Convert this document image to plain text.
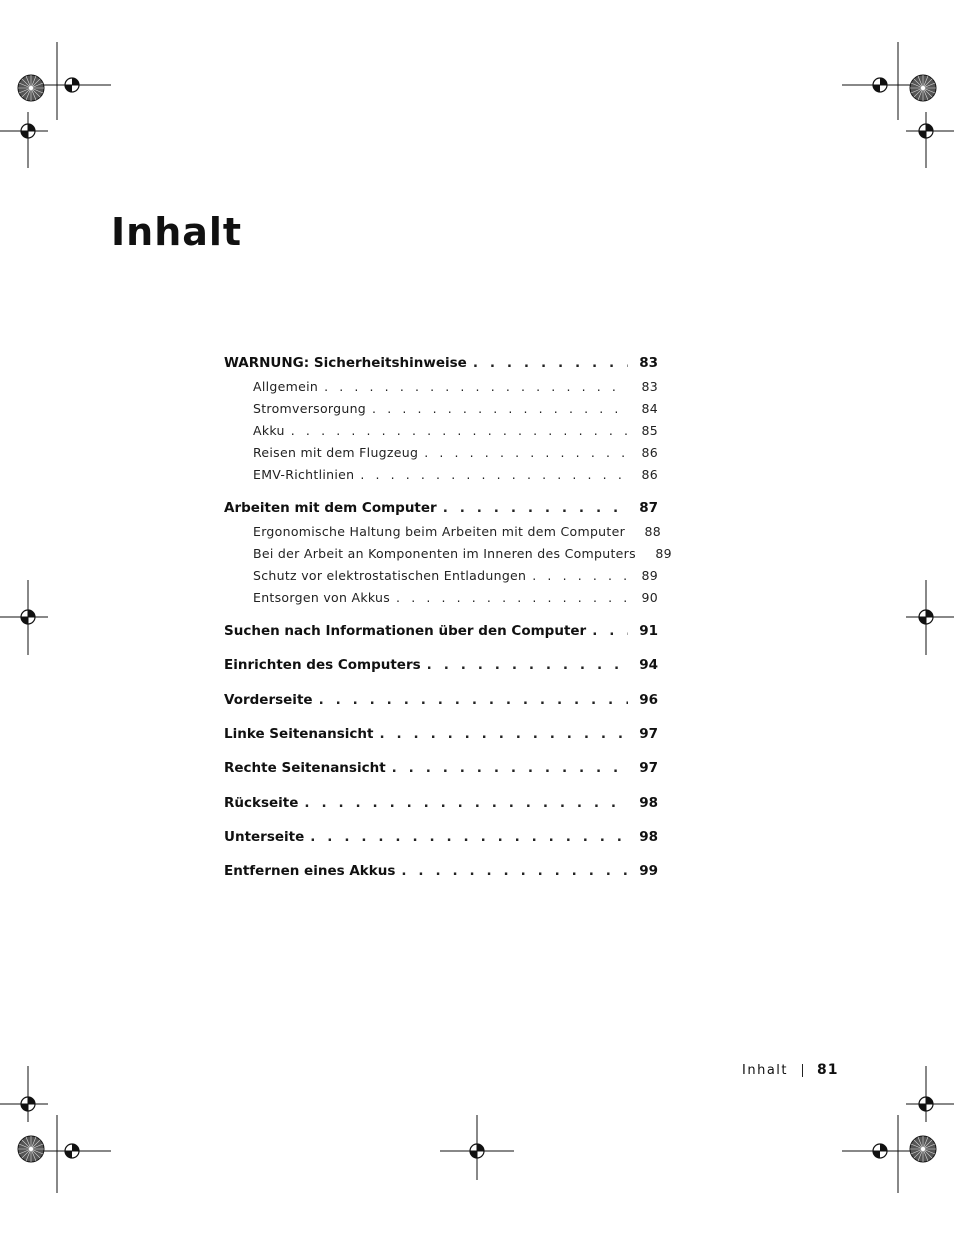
Inhalt
WARNUNG: Sicherheitshinweise . . .	83
Allgemein . . .	83
Stromversorgung . . .	84
Akku . . .	85
Reisen mit dem Flugzeug . . .	86
EMV-Richtlinien . . .	86
Arbeiten mit dem Computer . . .	87
Ergonomische Haltung beim Arbeiten mit dem Computer	88
Bei der Arbeit an Komponenten im Inneren des Computers	89
Schutz vor elektrostatischen Entladungen . . .	89
Entsorgen von Akkus . . .	90
Suchen nach Informationen über den Computer . . .	91
Einrichten des Computers . . .	94
Vorderseite . . .	96
Linke Seitenansicht . . .	97
Rechte Seitenansicht . . .	97
Rückseite . . .	98
Unterseite . . .	98
Entfernen eines Akkus . . .	99
Inhalt 81
